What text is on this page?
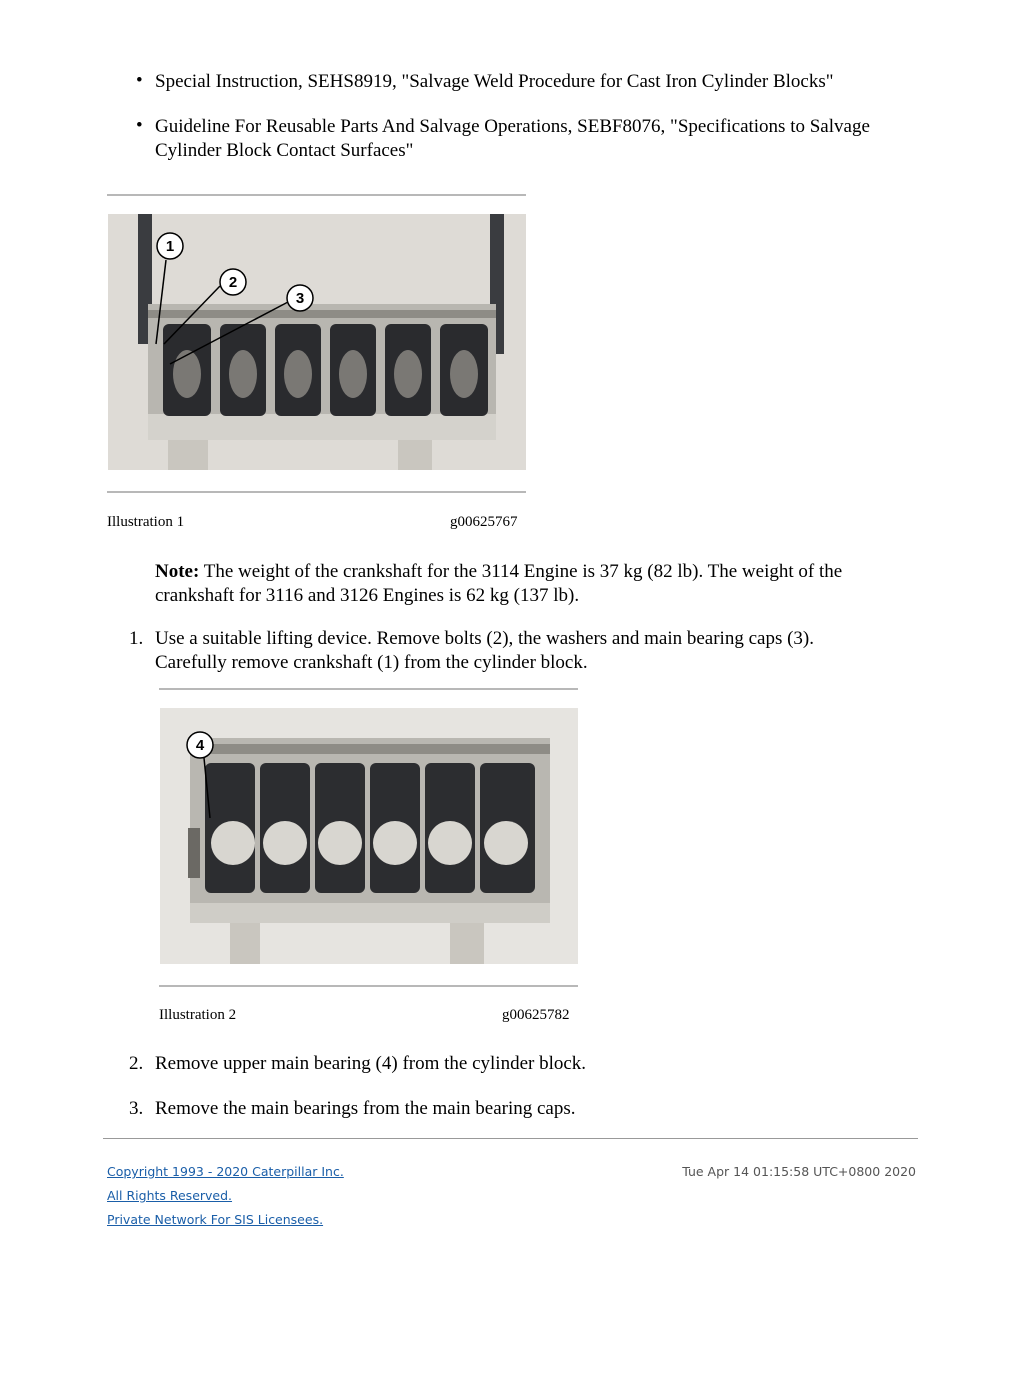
• Special Instruction, SEHS8919, "Salvage Weld Procedure for Cast Iron Cylinder Blocks"
• Guideline For Reusable Parts And Salvage Operations, SEBF8076, "Specifications to Salvage Cylinder Block Contact Surfaces"
1
2
3
Illustration 1	g00625767
Note: The weight of the crankshaft for the 3114 Engine is 37 kg (82 lb). The weight of the crankshaft for 3116 and 3126 Engines is 62 kg (137 lb).
1. Use a suitable lifting device. Remove bolts (2), the washers and main bearing caps (3). Carefully remove crankshaft (1) from the cylinder block.
4
Illustration 2	g00625782
2. Remove upper main bearing (4) from the cylinder block.
3. Remove the main bearings from the main bearing caps.
Copyright 1993 - 2020 Caterpillar Inc.	Tue Apr 14 01:15:58 UTC+0800 2020
All Rights Reserved.
Private Network For SIS Licensees.
